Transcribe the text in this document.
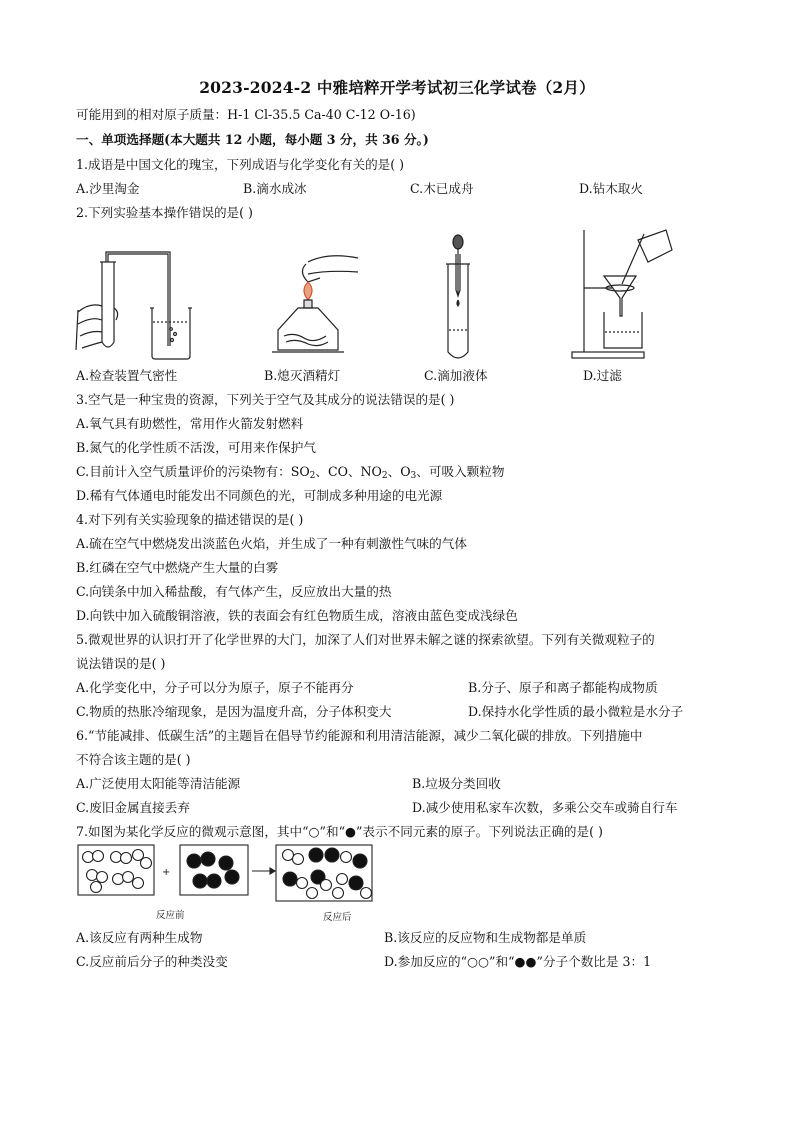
2023-2024-2 中雅培粹开学考试初三化学试卷（2月）
可能用到的相对原子质量：H-1 Cl-35.5 Ca-40 C-12 O-16)
一、单项选择题(本大题共 12 小题，每小题 3 分，共 36 分。)
1.成语是中国文化的瑰宝，下列成语与化学变化有关的是( )
A.沙里淘金	B.滴水成冰	C.木已成舟	D.钻木取火
2.下列实验基本操作错误的是( )
A.检查装置气密性	B.熄灭酒精灯	C.滴加液体	D.过滤
3.空气是一种宝贵的资源，下列关于空气及其成分的说法错误的是( )
A.氧气具有助燃性，常用作火箭发射燃料
B.氮气的化学性质不活泼，可用来作保护气
C.目前计入空气质量评价的污染物有：$SO_2$、CO、$NO_2$、$O_3$、可吸入颗粒物
D.稀有气体通电时能发出不同颜色的光，可制成多种用途的电光源
4.对下列有关实验现象的描述错误的是( )
A.硫在空气中燃烧发出淡蓝色火焰，并生成了一种有刺激性气味的气体
B.红磷在空气中燃烧产生大量的白雾
C.向镁条中加入稀盐酸，有气体产生，反应放出大量的热
D.向铁中加入硫酸铜溶液，铁的表面会有红色物质生成，溶液由蓝色变成浅绿色
5.微观世界的认识打开了化学世界的大门，加深了人们对世界未解之谜的探索欲望。下列有关微观粒子的
说法错误的是( )
A.化学变化中，分子可以分为原子，原子不能再分	B.分子、原子和离子都能构成物质
C.物质的热胀冷缩现象，是因为温度升高，分子体积变大	D.保持水化学性质的最小微粒是水分子
6.“节能减排、低碳生活”的主题旨在倡导节约能源和利用清洁能源，减少二氧化碳的排放。下列措施中
不符合该主题的是( )
A.广泛使用太阳能等清洁能源	B.垃圾分类回收
C.废旧金属直接丢弃	D.减少使用私家车次数，多乘公交车或骑自行车
7.如图为某化学反应的微观示意图，其中“○”和“●”表示不同元素的原子。下列说法正确的是( )
+
反应前	反应后
A.该反应有两种生成物	B.该反应的反应物和生成物都是单质
C.反应前后分子的种类没变	D.参加反应的“○○”和“●●”分子个数比是 3：1
